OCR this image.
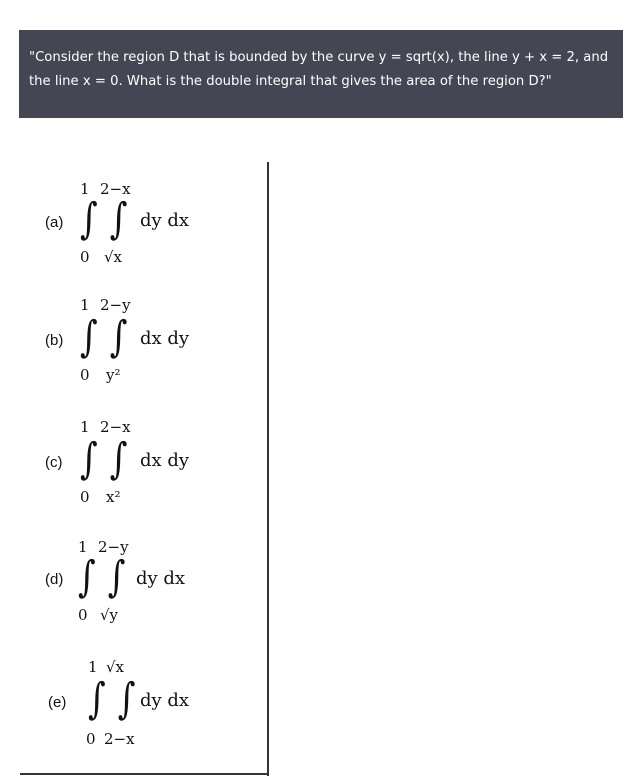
"Consider the region D that is bounded by the curve y = sqrt(x), the line y + x = 2, and the line x = 0. What is the double integral that gives the area of the region D?"
(a)
1 2−x
∫ ∫ dy dx
0 √x
(b)
1 2−y
∫ ∫ dx dy
0 y²
(c)
1 2−x
∫ ∫ dx dy
0 x²
(d)
1 2−y
∫ ∫ dy dx
0 √y
(e)
1 √x
∫ ∫ dy dx
0 2−x
